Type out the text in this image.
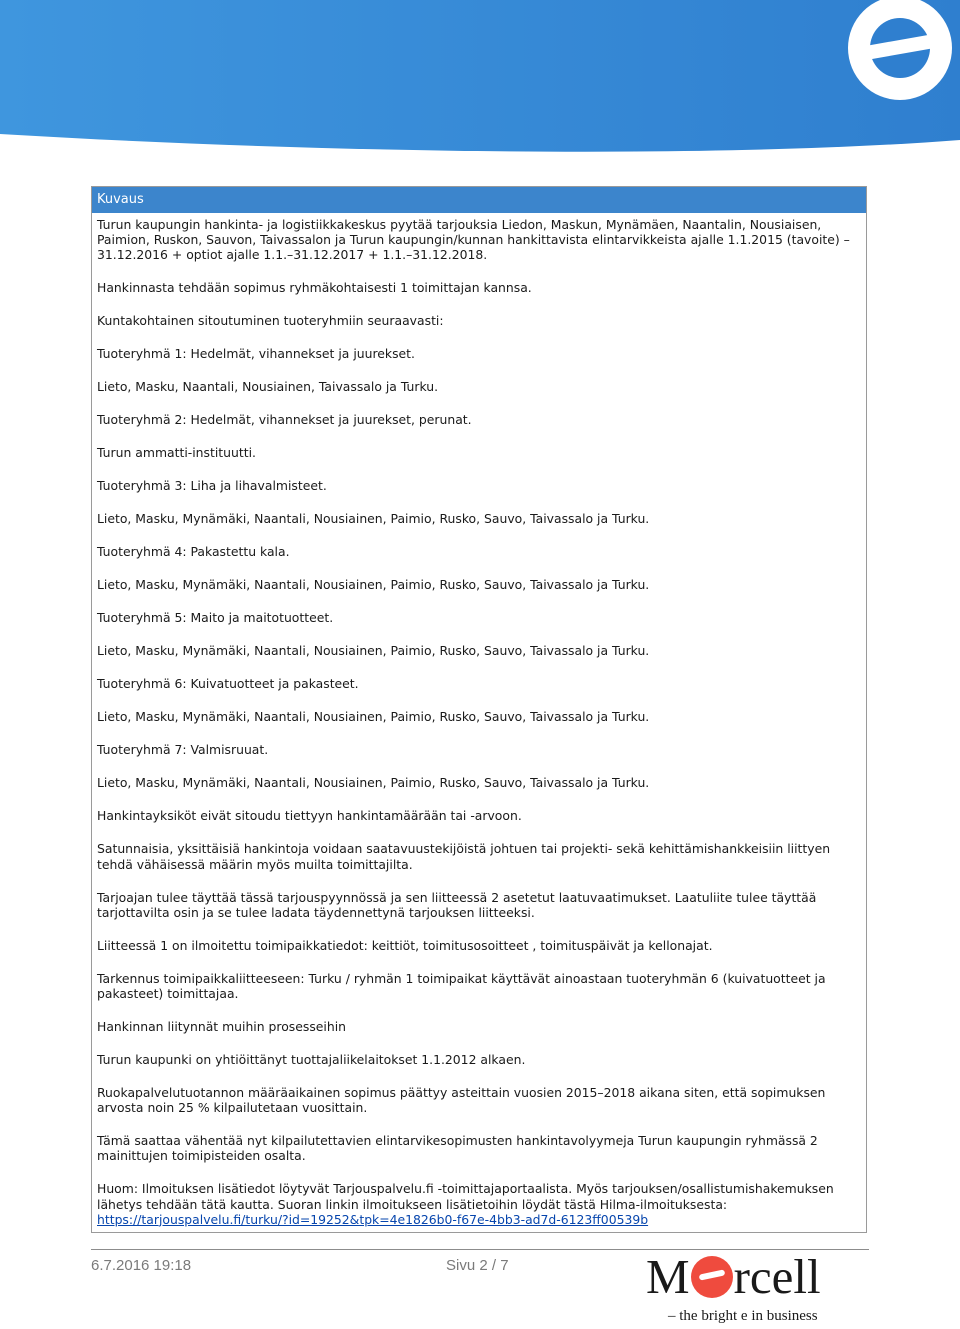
Kuvaus

Turun kaupungin hankinta- ja logistiikkakeskus pyytää tarjouksia Liedon, Maskun, Mynämäen, Naantalin, Nousiaisen, Paimion, Ruskon, Sauvon, Taivassalon ja Turun kaupungin/kunnan hankittavista elintarvikkeista ajalle 1.1.2015 (tavoite) – 31.12.2016 + optiot ajalle 1.1.–31.12.2017 + 1.1.–31.12.2018.

Hankinnasta tehdään sopimus ryhmäkohtaisesti 1 toimittajan kannsa.

Kuntakohtainen sitoutuminen tuoteryhmiin seuraavasti:

Tuoteryhmä 1: Hedelmät, vihannekset ja juurekset.

Lieto, Masku, Naantali, Nousiainen, Taivassalo ja Turku.

Tuoteryhmä 2: Hedelmät, vihannekset ja juurekset, perunat.

Turun ammatti-instituutti.

Tuoteryhmä 3: Liha ja lihavalmisteet.

Lieto, Masku, Mynämäki, Naantali, Nousiainen, Paimio, Rusko, Sauvo, Taivassalo ja Turku.

Tuoteryhmä 4: Pakastettu kala.

Lieto, Masku, Mynämäki, Naantali, Nousiainen, Paimio, Rusko, Sauvo, Taivassalo ja Turku.

Tuoteryhmä 5: Maito ja maitotuotteet.

Lieto, Masku, Mynämäki, Naantali, Nousiainen, Paimio, Rusko, Sauvo, Taivassalo ja Turku.

Tuoteryhmä 6: Kuivatuotteet ja pakasteet.

Lieto, Masku, Mynämäki, Naantali, Nousiainen, Paimio, Rusko, Sauvo, Taivassalo ja Turku.

Tuoteryhmä 7: Valmisruuat.

Lieto, Masku, Mynämäki, Naantali, Nousiainen, Paimio, Rusko, Sauvo, Taivassalo ja Turku.

Hankintayksiköt eivät sitoudu tiettyyn hankintamäärään tai -arvoon.

Satunnaisia, yksittäisiä hankintoja voidaan saatavuustekijöistä johtuen tai projekti- sekä kehittämishankkeisiin liittyen tehdä vähäisessä määrin myös muilta toimittajilta.

Tarjoajan tulee täyttää tässä tarjouspyynnössä ja sen liitteessä 2 asetetut laatuvaatimukset. Laatuliite tulee täyttää tarjottavilta osin ja se tulee ladata täydennettynä tarjouksen liitteeksi.

Liitteessä 1 on ilmoitettu toimipaikkatiedot: keittiöt, toimitusosoitteet , toimituspäivät ja kellonajat.

Tarkennus toimipaikkaliitteeseen: Turku / ryhmän 1 toimipaikat käyttävät ainoastaan tuoteryhmän 6 (kuivatuotteet ja pakasteet) toimittajaa.

Hankinnan liitynnät muihin prosesseihin

Turun kaupunki on yhtiöittänyt tuottajaliikelaitokset 1.1.2012 alkaen.

Ruokapalvelutuotannon määräaikainen sopimus päättyy asteittain vuosien 2015–2018 aikana siten, että sopimuksen arvosta noin 25 % kilpailutetaan vuosittain.

Tämä saattaa vähentää nyt kilpailutettavien elintarvikesopimusten hankintavolyymeja Turun kaupungin ryhmässä 2 mainittujen toimipisteiden osalta.

Huom: Ilmoituksen lisätiedot löytyvät Tarjouspalvelu.fi -toimittajaportaalista. Myös tarjouksen/osallistumishakemuksen lähetys tehdään tätä kautta. Suoran linkin ilmoitukseen lisätietoihin löydät tästä Hilma-ilmoituksesta:
https://tarjouspalvelu.fi/turku/?id=19252&tpk=4e1826b0-f67e-4bb3-ad7d-6123ff00539b

6.7.2016 19:18	Sivu 2 / 7	M rcell
– the bright e in business
